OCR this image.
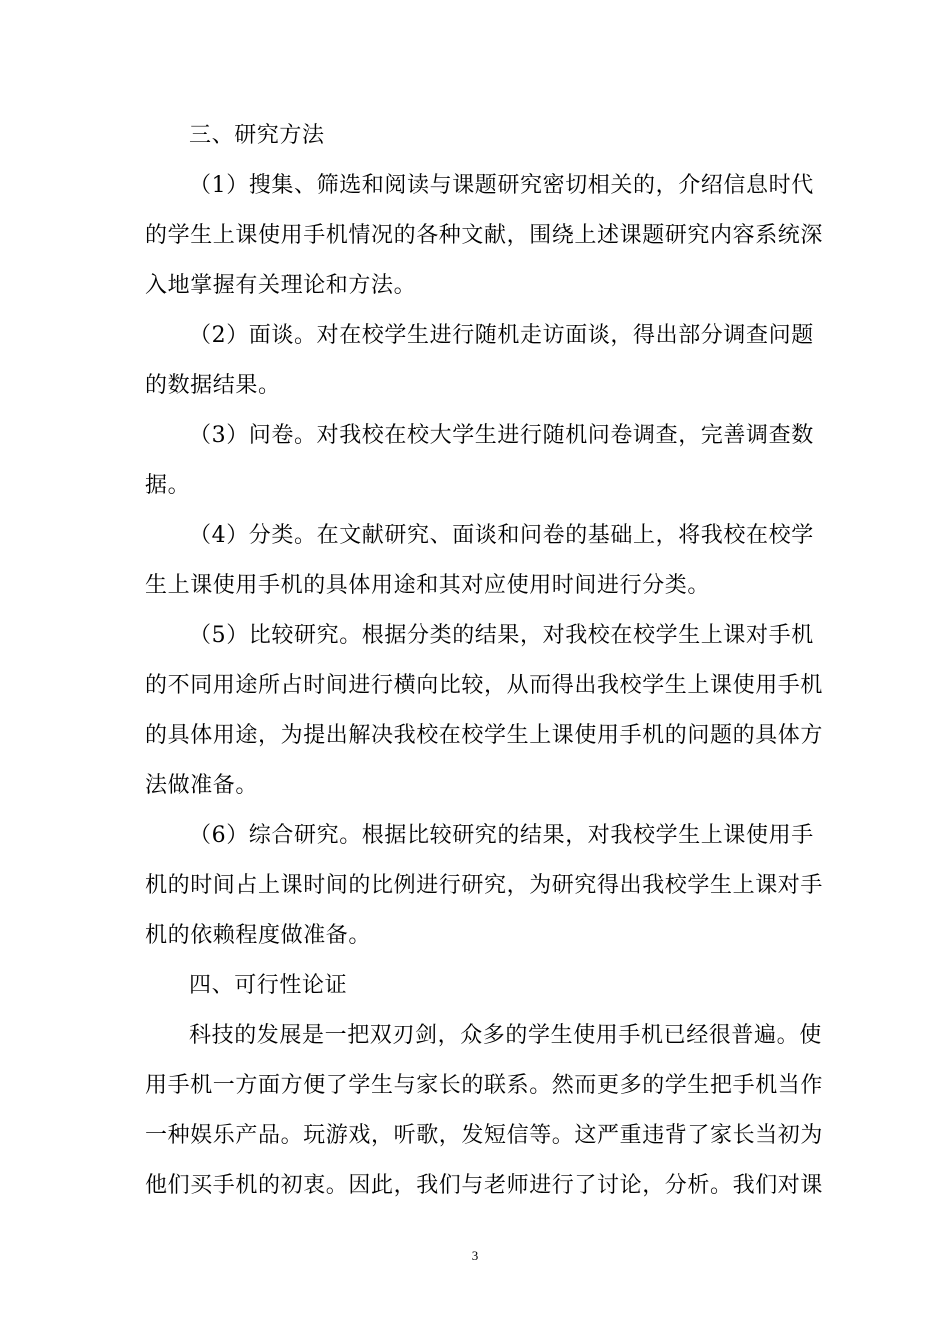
三、研究方法
（1）搜集、筛选和阅读与课题研究密切相关的，介绍信息时代
的学生上课使用手机情况的各种文献，围绕上述课题研究内容系统深
入地掌握有关理论和方法。
（2）面谈。对在校学生进行随机走访面谈，得出部分调查问题
的数据结果。
（3）问卷。对我校在校大学生进行随机问卷调查，完善调查数
据。
（4）分类。在文献研究、面谈和问卷的基础上，将我校在校学
生上课使用手机的具体用途和其对应使用时间进行分类。
（5）比较研究。根据分类的结果，对我校在校学生上课对手机
的不同用途所占时间进行横向比较，从而得出我校学生上课使用手机
的具体用途，为提出解决我校在校学生上课使用手机的问题的具体方
法做准备。
（6）综合研究。根据比较研究的结果，对我校学生上课使用手
机的时间占上课时间的比例进行研究，为研究得出我校学生上课对手
机的依赖程度做准备。
四、可行性论证
科技的发展是一把双刃剑，众多的学生使用手机已经很普遍。使
用手机一方面方便了学生与家长的联系。然而更多的学生把手机当作
一种娱乐产品。玩游戏，听歌，发短信等。这严重违背了家长当初为
他们买手机的初衷。因此，我们与老师进行了讨论，分析。我们对课
3
